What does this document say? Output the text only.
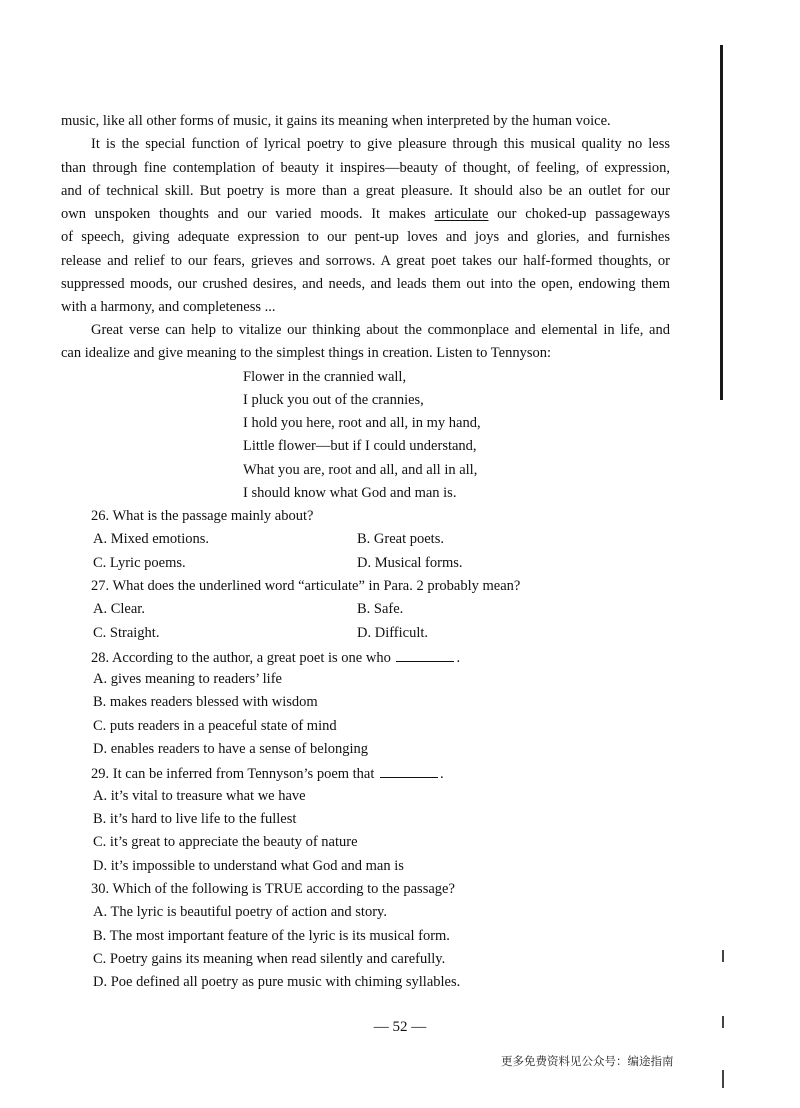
music, like all other forms of music, it gains its meaning when interpreted by the human voice.
It is the special function of lyrical poetry to give pleasure through this musical quality no less
than through fine contemplation of beauty it inspires—beauty of thought, of feeling, of expression,
and of technical skill. But poetry is more than a great pleasure. It should also be an outlet for our
own unspoken thoughts and our varied moods. It makes articulate our choked-up passageways
of speech, giving adequate expression to our pent-up loves and joys and glories, and furnishes
release and relief to our fears, grieves and sorrows. A great poet takes our half-formed thoughts, or
suppressed moods, our crushed desires, and needs, and leads them out into the open, endowing them
with a harmony, and completeness ...
Great verse can help to vitalize our thinking about the commonplace and elemental in life, and
can idealize and give meaning to the simplest things in creation. Listen to Tennyson:
Flower in the crannied wall,
I pluck you out of the crannies,
I hold you here, root and all, in my hand,
Little flower—but if I could understand,
What you are, root and all, and all in all,
I should know what God and man is.
26. What is the passage mainly about?
A. Mixed emotions.	B. Great poets.
C. Lyric poems.	D. Musical forms.
27. What does the underlined word “articulate” in Para. 2 probably mean?
A. Clear.	B. Safe.
C. Straight.	D. Difficult.
28. According to the author, a great poet is one who	.
A. gives meaning to readers’ life
B. makes readers blessed with wisdom
C. puts readers in a peaceful state of mind
D. enables readers to have a sense of belonging
29. It can be inferred from Tennyson’s poem that	.
A. it’s vital to treasure what we have
B. it’s hard to live life to the fullest
C. it’s great to appreciate the beauty of nature
D. it’s impossible to understand what God and man is
30. Which of the following is TRUE according to the passage?
A. The lyric is beautiful poetry of action and story.
B. The most important feature of the lyric is its musical form.
C. Poetry gains its meaning when read silently and carefully.
D. Poe defined all poetry as pure music with chiming syllables.
— 52 —
更多免费资料见公众号：编途指南
